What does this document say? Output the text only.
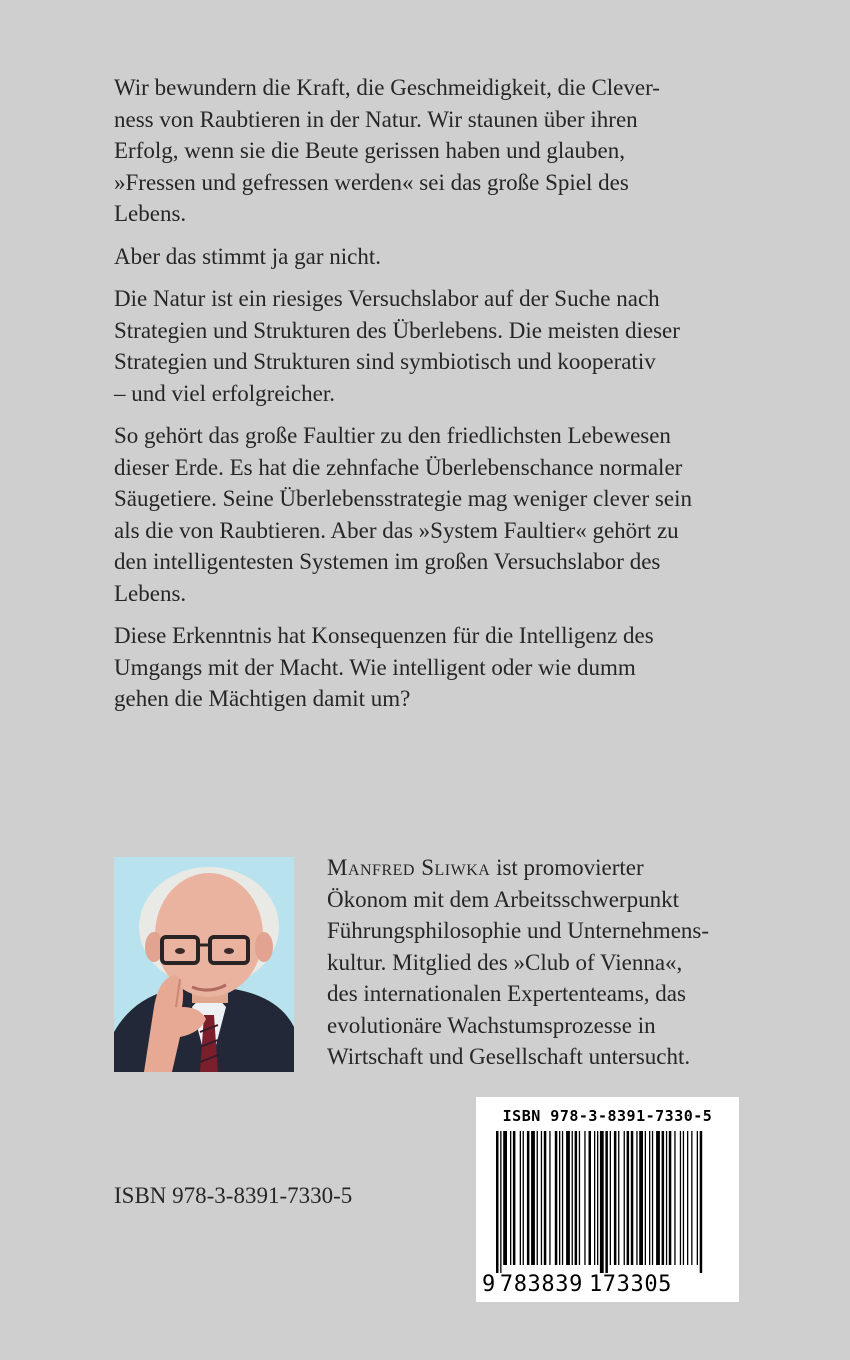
Wir bewundern die Kraft, die Geschmeidigkeit, die Clever-
ness von Raubtieren in der Natur. Wir staunen über ihren
Erfolg, wenn sie die Beute gerissen haben und glauben,
»Fressen und gefressen werden« sei das große Spiel des
Lebens.

Aber das stimmt ja gar nicht.

Die Natur ist ein riesiges Versuchslabor auf der Suche nach
Strategien und Strukturen des Überlebens. Die meisten dieser
Strategien und Strukturen sind symbiotisch und kooperativ
– und viel erfolgreicher.

So gehört das große Faultier zu den friedlichsten Lebewesen
dieser Erde. Es hat die zehnfache Überlebenschance normaler
Säugetiere. Seine Überlebensstrategie mag weniger clever sein
als die von Raubtieren. Aber das »System Faultier« gehört zu
den intelligentesten Systemen im großen Versuchslabor des
Lebens.

Diese Erkenntnis hat Konsequenzen für die Intelligenz des
Umgangs mit der Macht. Wie intelligent oder wie dumm
gehen die Mächtigen damit um?

Manfred Sliwka ist promovierter
Ökonom mit dem Arbeitsschwerpunkt
Führungsphilosophie und Unternehmens-
kultur. Mitglied des »Club of Vienna«,
des internationalen Expertenteams, das
evolutionäre Wachstumsprozesse in
Wirtschaft und Gesellschaft untersucht.
ISBN 978-3-8391-7330-5
ISBN 978-3-8391-7330-5
9 783839 173305
